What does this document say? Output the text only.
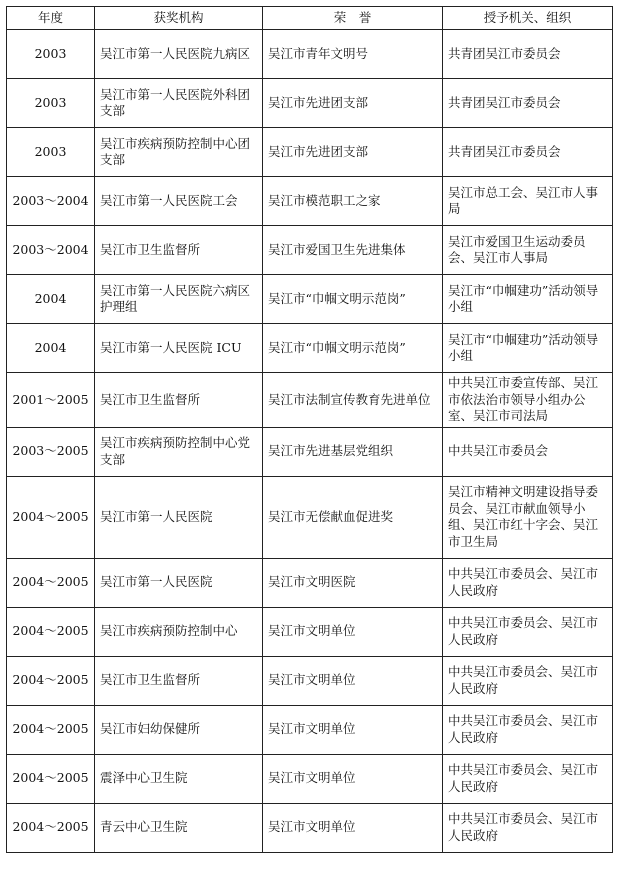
年度	获奖机构	荣　誉	授予机关、组织
2003	吴江市第一人民医院九病区	吴江市青年文明号	共青团吴江市委员会
2003	吴江市第一人民医院外科团支部	吴江市先进团支部	共青团吴江市委员会
2003	吴江市疾病预防控制中心团支部	吴江市先进团支部	共青团吴江市委员会
2003～2004	吴江市第一人民医院工会	吴江市模范职工之家	吴江市总工会、吴江市人事局
2003～2004	吴江市卫生监督所	吴江市爱国卫生先进集体	吴江市爱国卫生运动委员会、吴江市人事局
2004	吴江市第一人民医院六病区护理组	吴江市“巾帼文明示范岗”	吴江市“巾帼建功”活动领导小组
2004	吴江市第一人民医院 ICU	吴江市“巾帼文明示范岗”	吴江市“巾帼建功”活动领导小组
2001～2005	吴江市卫生监督所	吴江市法制宣传教育先进单位	中共吴江市委宣传部、吴江市依法治市领导小组办公室、吴江市司法局
2003～2005	吴江市疾病预防控制中心党支部	吴江市先进基层党组织	中共吴江市委员会
2004～2005	吴江市第一人民医院	吴江市无偿献血促进奖	吴江市精神文明建设指导委员会、吴江市献血领导小组、吴江市红十字会、吴江市卫生局
2004～2005	吴江市第一人民医院	吴江市文明医院	中共吴江市委员会、吴江市人民政府
2004～2005	吴江市疾病预防控制中心	吴江市文明单位	中共吴江市委员会、吴江市人民政府
2004～2005	吴江市卫生监督所	吴江市文明单位	中共吴江市委员会、吴江市人民政府
2004～2005	吴江市妇幼保健所	吴江市文明单位	中共吴江市委员会、吴江市人民政府
2004～2005	震泽中心卫生院	吴江市文明单位	中共吴江市委员会、吴江市人民政府
2004～2005	青云中心卫生院	吴江市文明单位	中共吴江市委员会、吴江市人民政府
